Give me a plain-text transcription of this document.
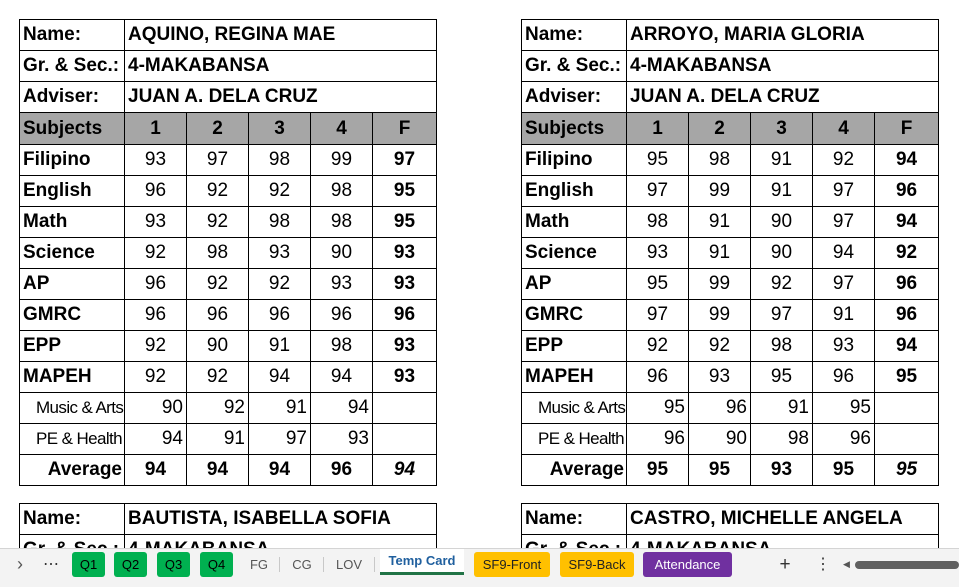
Name:	AQUINO, REGINA MAE				
Gr. & Sec.:	4-MAKABANSA				
Adviser:	JUAN A. DELA CRUZ				
Subjects	1	2	3	4	F
Filipino	93	97	98	99	97
English	96	92	92	98	95
Math	93	92	98	98	95
Science	92	98	93	90	93
AP	96	92	92	93	93
GMRC	96	96	96	96	96
EPP	92	90	91	98	93
MAPEH	92	92	94	94	93
Music & Arts	90	92	91	94	
PE & Health	94	91	97	93	
Average	94	94	94	96	94
Name:	ARROYO, MARIA GLORIA				
Gr. & Sec.:	4-MAKABANSA				
Adviser:	JUAN A. DELA CRUZ				
Subjects	1	2	3	4	F
Filipino	95	98	91	92	94
English	97	99	91	97	96
Math	98	91	90	97	94
Science	93	91	90	94	92
AP	95	99	92	97	96
GMRC	97	99	97	91	96
EPP	92	92	98	93	94
MAPEH	96	93	95	96	95
Music & Arts	95	96	91	95	
PE & Health	96	90	98	96	
Average	95	95	93	95	95
Name:	BAUTISTA, ISABELLA SOFIA
		Name:	CASTRO, MICHELLE ANGELA

›	⋯	Q1	Q2	Q3	Q4	FG	CG	LOV	Temp Card	SF9-Front	SF9-Back	Attendance	+ ⋮ ◀
